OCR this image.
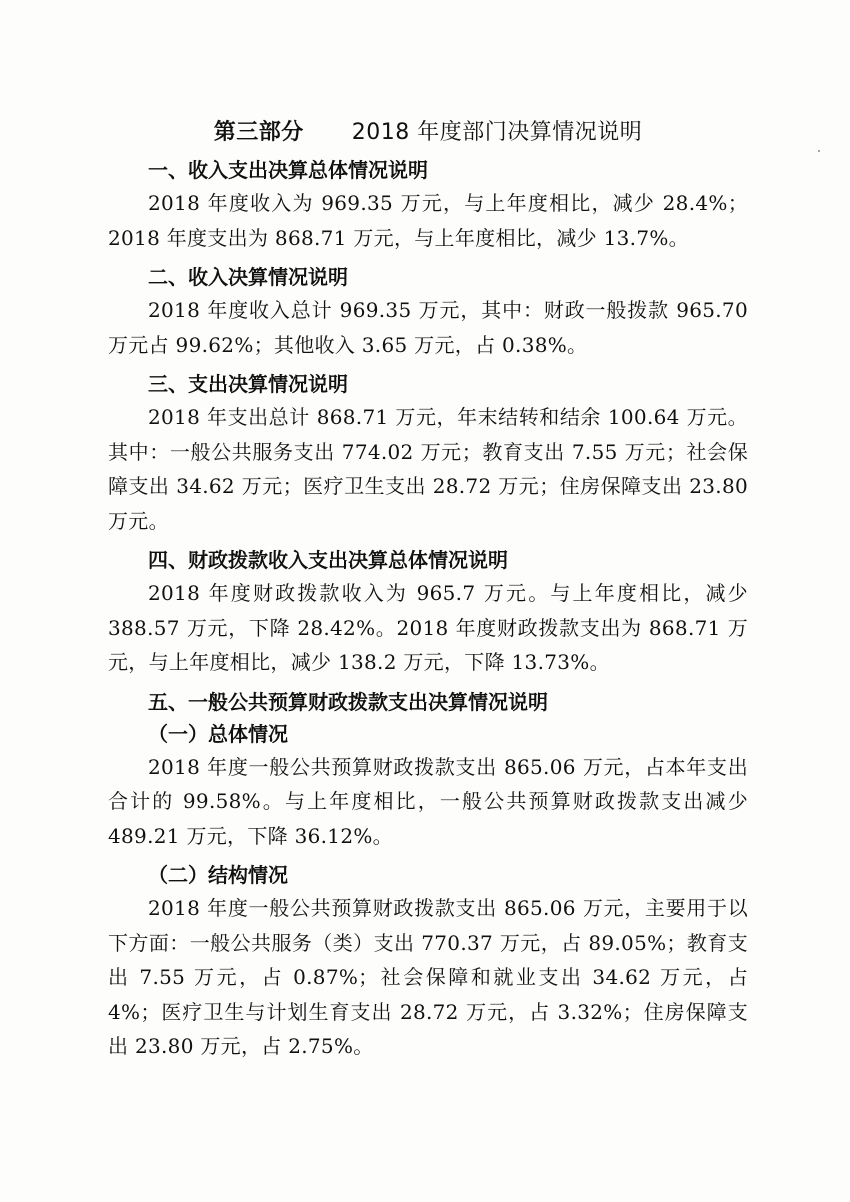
第三部分 2018 年度部门决算情况说明
一、收入支出决算总体情况说明

2018 年度收入为 969.35 万元，与上年度相比，减少 28.4%；2018 年度支出为 868.71 万元，与上年度相比，减少 13.7%。

二、收入决算情况说明

2018 年度收入总计 969.35 万元，其中：财政一般拨款 965.70 万元占 99.62%；其他收入 3.65 万元，占 0.38%。

三、支出决算情况说明

2018 年支出总计 868.71 万元，年末结转和结余 100.64 万元。其中：一般公共服务支出 774.02 万元；教育支出 7.55 万元；社会保障支出 34.62 万元；医疗卫生支出 28.72 万元；住房保障支出 23.80 万元。

四、财政拨款收入支出决算总体情况说明

2018 年度财政拨款收入为 965.7 万元。与上年度相比，减少 388.57 万元，下降 28.42%。2018 年度财政拨款支出为 868.71 万元，与上年度相比，减少 138.2 万元，下降 13.73%。

五、一般公共预算财政拨款支出决算情况说明
（一）总体情况

2018 年度一般公共预算财政拨款支出 865.06 万元，占本年支出合计的 99.58%。与上年度相比，一般公共预算财政拨款支出减少 489.21 万元，下降 36.12%。

（二）结构情况

2018 年度一般公共预算财政拨款支出 865.06 万元，主要用于以下方面：一般公共服务（类）支出 770.37 万元，占 89.05%；教育支出 7.55 万元，占 0.87%；社会保障和就业支出 34.62 万元，占 4%；医疗卫生与计划生育支出 28.72 万元，占 3.32%；住房保障支出 23.80 万元，占 2.75%。
